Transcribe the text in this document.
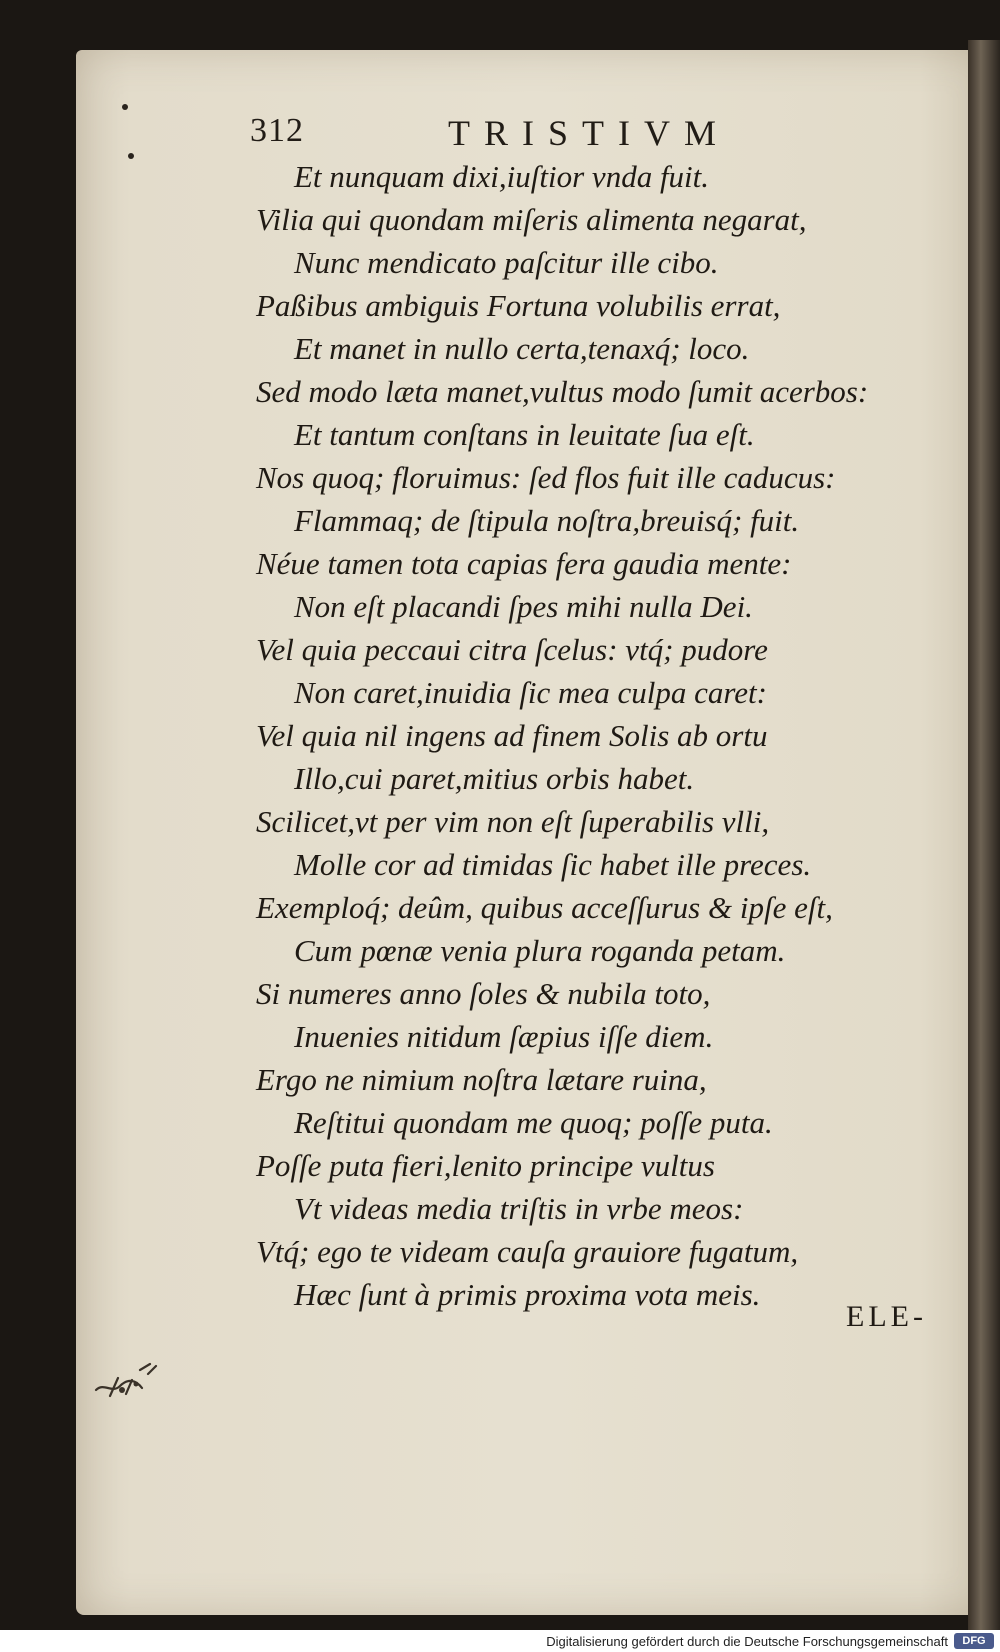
312	TRISTIVM
Et nunquam dixi,iuſtior vnda fuit.
Vilia qui quondam miſeris alimenta negarat,
Nunc mendicato paſcitur ille cibo.
Paßibus ambiguis Fortuna volubilis errat,
Et manet in nullo certa,tenaxq́; loco.
Sed modo læta manet,vultus modo ſumit acerbos:
Et tantum conſtans in leuitate ſua eſt.
Nos quoq; floruimus: ſed flos fuit ille caducus:
Flammaq; de ſtipula noſtra,breuisq́; fuit.
Néue tamen tota capias fera gaudia mente:
Non eſt placandi ſpes mihi nulla Dei.
Vel quia peccaui citra ſcelus: vtq́; pudore
Non caret,inuidia ſic mea culpa caret:
Vel quia nil ingens ad finem Solis ab ortu
Illo,cui paret,mitius orbis habet.
Scilicet,vt per vim non eſt ſuperabilis vlli,
Molle cor ad timidas ſic habet ille preces.
Exemploq́; deûm, quibus acceſſurus & ipſe eſt,
Cum pœnæ venia plura roganda petam.
Si numeres anno ſoles & nubila toto,
Inuenies nitidum ſæpius iſſe diem.
Ergo ne nimium noſtra lætare ruina,
Reſtitui quondam me quoq; poſſe puta.
Poſſe puta fieri,lenito principe vultus
Vt videas media triſtis in vrbe meos:
Vtq́; ego te videam cauſa grauiore fugatum,
Hæc ſunt à primis proxima vota meis.
ELE-
Digitalisierung gefördert durch die Deutsche Forschungsgemeinschaft	DFG
